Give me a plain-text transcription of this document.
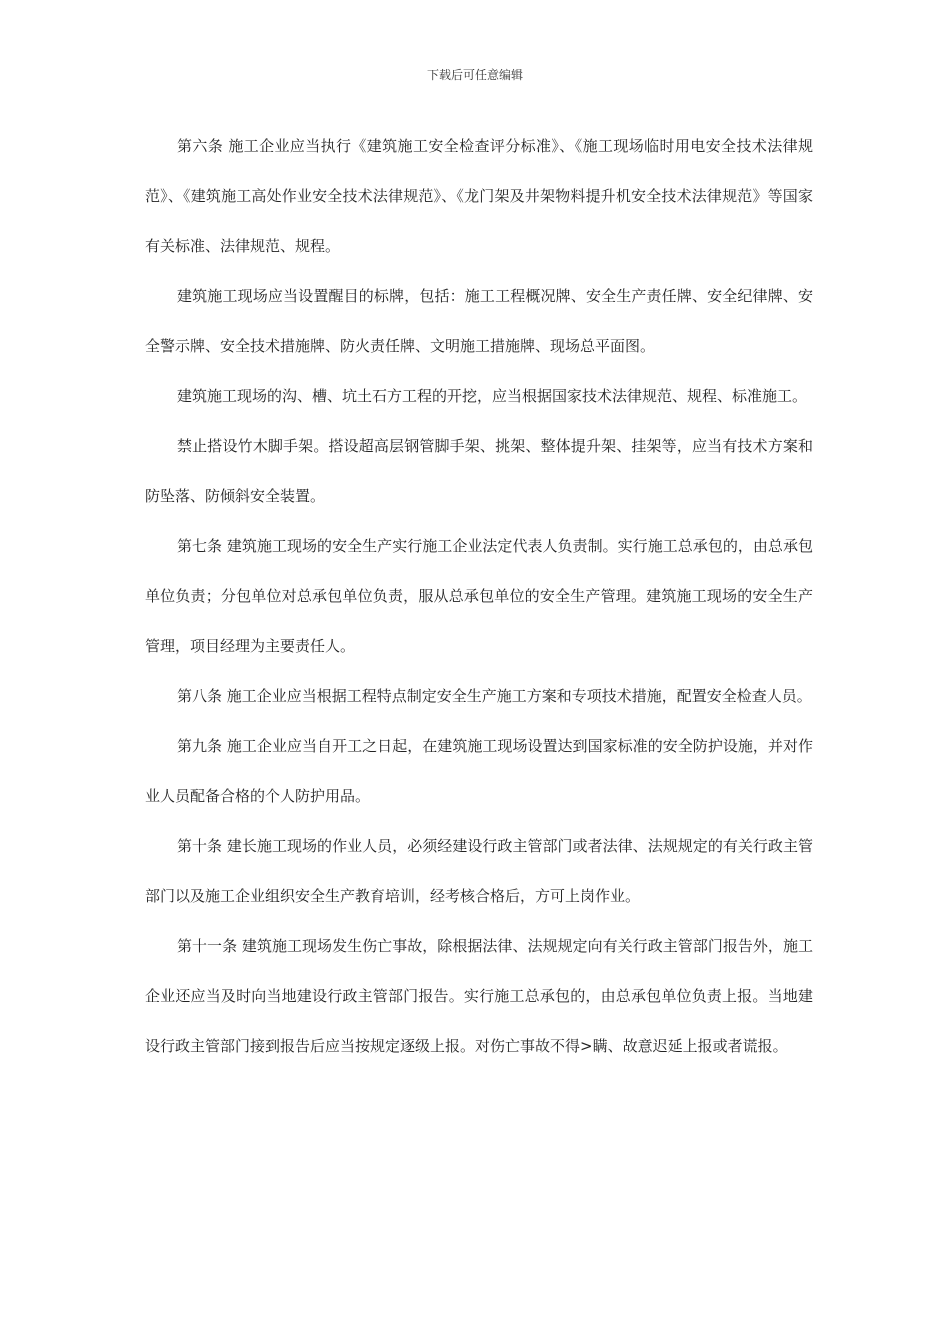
下载后可任意编辑

第六条 施工企业应当执行《建筑施工安全检查评分标准》、《施工现场临时用电安全技术法律规范》、《建筑施工高处作业安全技术法律规范》、《龙门架及井架物料提升机安全技术法律规范》等国家有关标准、法律规范、规程。

建筑施工现场应当设置醒目的标牌，包括：施工工程概况牌、安全生产责任牌、安全纪律牌、安全警示牌、安全技术措施牌、防火责任牌、文明施工措施牌、现场总平面图。

建筑施工现场的沟、槽、坑土石方工程的开挖，应当根据国家技术法律规范、规程、标准施工。

禁止搭设竹木脚手架。搭设超高层钢管脚手架、挑架、整体提升架、挂架等，应当有技术方案和防坠落、防倾斜安全装置。

第七条 建筑施工现场的安全生产实行施工企业法定代表人负责制。实行施工总承包的，由总承包单位负责；分包单位对总承包单位负责，服从总承包单位的安全生产管理。建筑施工现场的安全生产管理，项目经理为主要责任人。

第八条 施工企业应当根据工程特点制定安全生产施工方案和专项技术措施，配置安全检查人员。

第九条 施工企业应当自开工之日起，在建筑施工现场设置达到国家标准的安全防护设施，并对作业人员配备合格的个人防护用品。

第十条 建长施工现场的作业人员，必须经建设行政主管部门或者法律、法规规定的有关行政主管部门以及施工企业组织安全生产教育培训，经考核合格后，方可上岗作业。

第十一条 建筑施工现场发生伤亡事故，除根据法律、法规规定向有关行政主管部门报告外，施工企业还应当及时向当地建设行政主管部门报告。实行施工总承包的，由总承包单位负责上报。当地建设行政主管部门接到报告后应当按规定逐级上报。对伤亡事故不得>瞒、故意迟延上报或者谎报。
